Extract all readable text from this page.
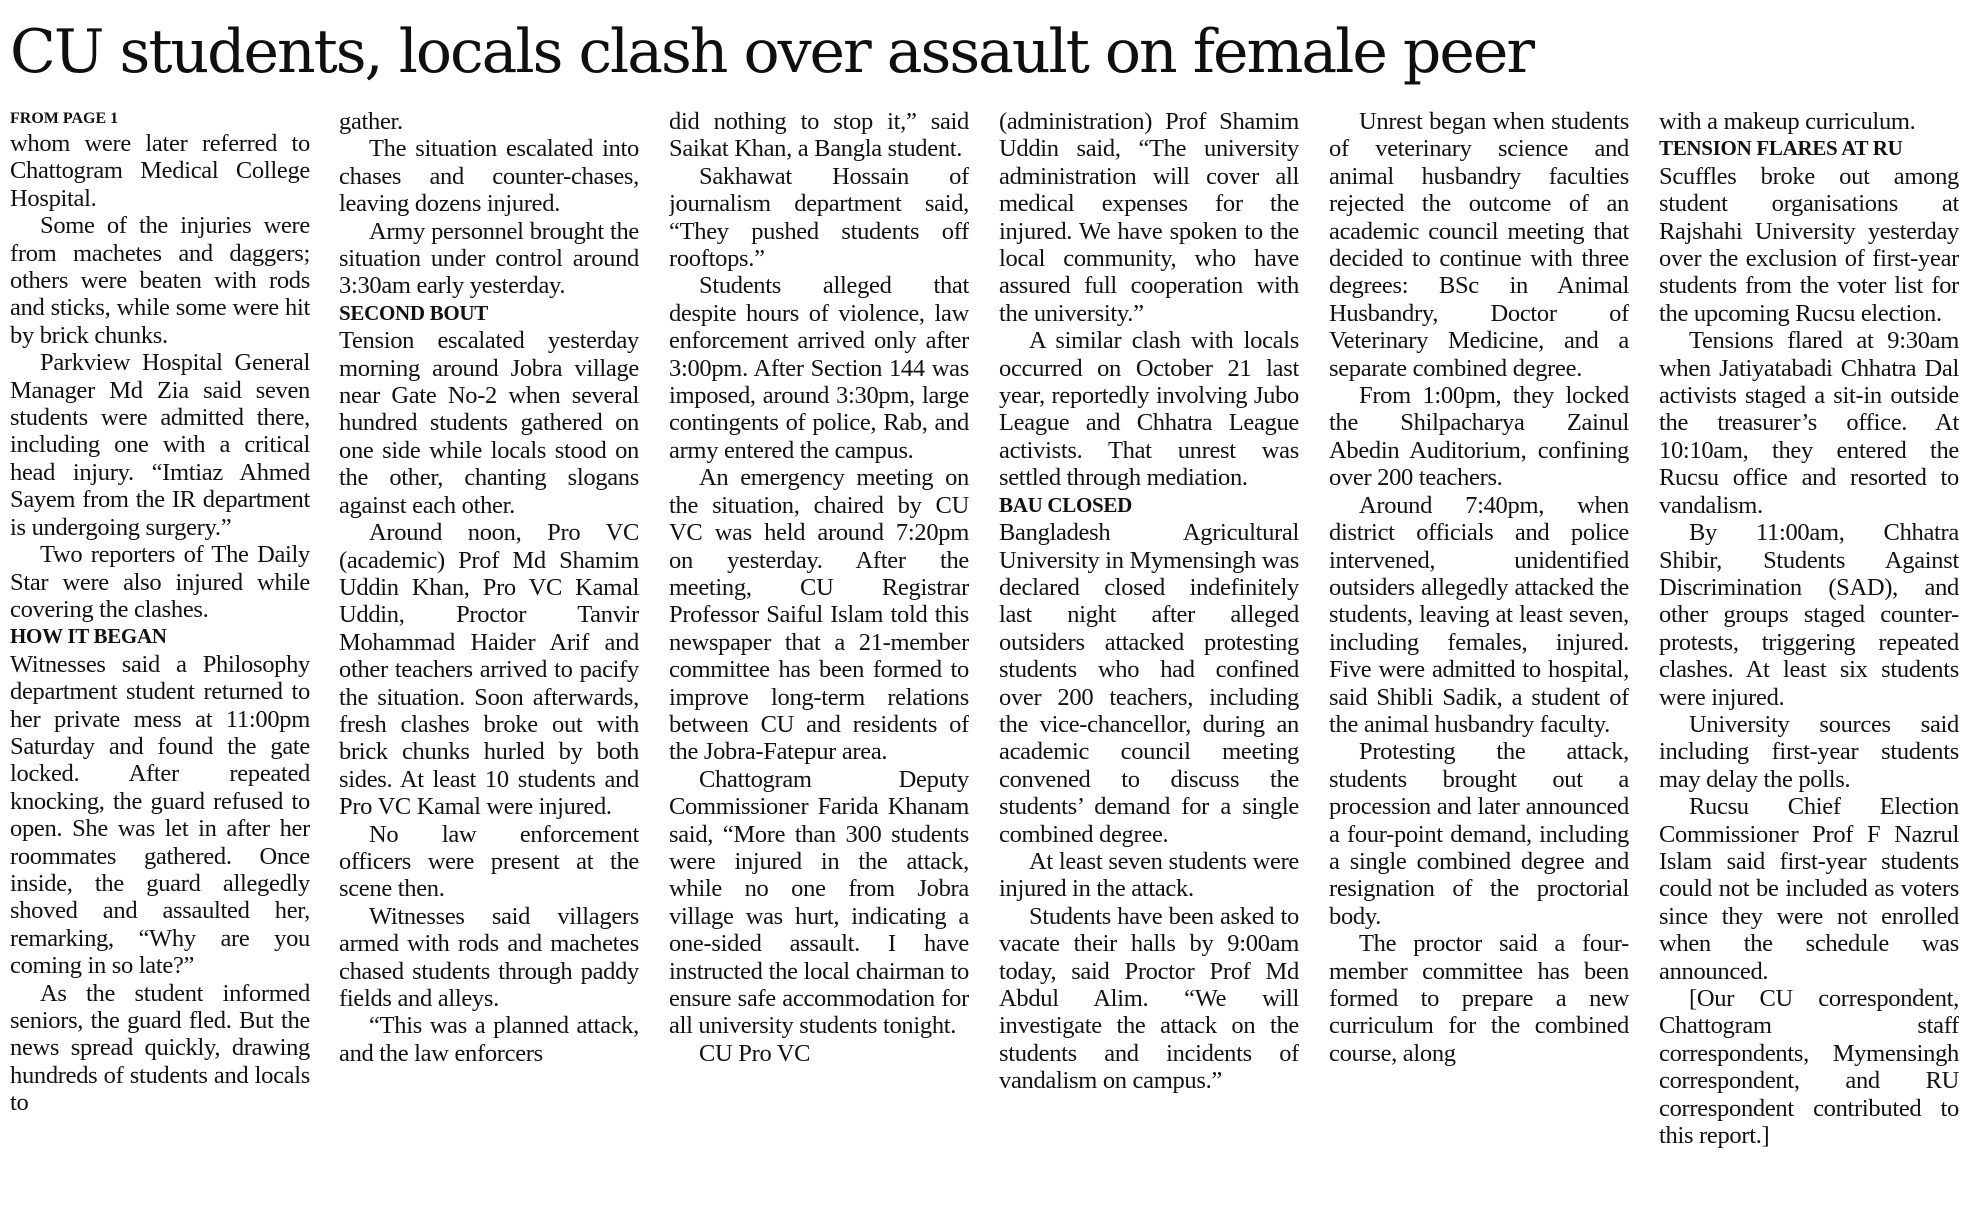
CU students, locals clash over assault on female peer
FROM PAGE 1

whom were later referred to Chattogram Medical College Hospital.

Some of the injuries were from machetes and daggers; others were beaten with rods and sticks, while some were hit by brick chunks.

Parkview Hospital General Manager Md Zia said seven students were admitted there, including one with a critical head injury. “Imtiaz Ahmed Sayem from the IR department is undergoing surgery.”

Two reporters of The Daily Star were also injured while covering the clashes.

HOW IT BEGAN

Witnesses said a Philosophy department student returned to her private mess at 11:00pm Saturday and found the gate locked. After repeated knocking, the guard refused to open. She was let in after her roommates gathered. Once inside, the guard allegedly shoved and assaulted her, remarking, “Why are you coming in so late?”

As the student informed seniors, the guard fled. But the news spread quickly, drawing hundreds of students and locals to

gather.

The situation escalated into chases and counter-chases, leaving dozens injured.

Army personnel brought the situation under control around 3:30am early yesterday.

SECOND BOUT

Tension escalated yesterday morning around Jobra village near Gate No-2 when several hundred students gathered on one side while locals stood on the other, chanting slogans against each other.

Around noon, Pro VC (academic) Prof Md Shamim Uddin Khan, Pro VC Kamal Uddin, Proctor Tanvir Mohammad Haider Arif and other teachers arrived to pacify the situation. Soon afterwards, fresh clashes broke out with brick chunks hurled by both sides. At least 10 students and Pro VC Kamal were injured.

No law enforcement officers were present at the scene then.

Witnesses said villagers armed with rods and machetes chased students through paddy fields and alleys.

“This was a planned attack, and the law enforcers

did nothing to stop it,” said Saikat Khan, a Bangla student.

Sakhawat Hossain of journalism department said, “They pushed students off rooftops.”

Students alleged that despite hours of violence, law enforcement arrived only after 3:00pm. After Section 144 was imposed, around 3:30pm, large contingents of police, Rab, and army entered the campus.

An emergency meeting on the situation, chaired by CU VC was held around 7:20pm on yesterday. After the meeting, CU Registrar Professor Saiful Islam told this newspaper that a 21-member committee has been formed to improve long-term relations between CU and residents of the Jobra-Fatepur area.

Chattogram Deputy Commissioner Farida Khanam said, “More than 300 students were injured in the attack, while no one from Jobra village was hurt, indicating a one-sided assault. I have instructed the local chairman to ensure safe accommodation for all university students tonight.

CU Pro VC

(administration) Prof Shamim Uddin said, “The university administration will cover all medical expenses for the injured. We have spoken to the local community, who have assured full cooperation with the university.”

A similar clash with locals occurred on October 21 last year, reportedly involving Jubo League and Chhatra League activists. That unrest was settled through mediation.

BAU CLOSED

Bangladesh Agricultural University in Mymensingh was declared closed indefinitely last night after alleged outsiders attacked protesting students who had confined over 200 teachers, including the vice-chancellor, during an academic council meeting convened to discuss the students’ demand for a single combined degree.

At least seven students were injured in the attack.

Students have been asked to vacate their halls by 9:00am today, said Proctor Prof Md Abdul Alim. “We will investigate the attack on the students and incidents of vandalism on campus.”

Unrest began when students of veterinary science and animal husbandry faculties rejected the outcome of an academic council meeting that decided to continue with three degrees: BSc in Animal Husbandry, Doctor of Veterinary Medicine, and a separate combined degree.

From 1:00pm, they locked the Shilpacharya Zainul Abedin Auditorium, confining over 200 teachers.

Around 7:40pm, when district officials and police intervened, unidentified outsiders allegedly attacked the students, leaving at least seven, including females, injured. Five were admitted to hospital, said Shibli Sadik, a student of the animal husbandry faculty.

Protesting the attack, students brought out a procession and later announced a four-point demand, including a single combined degree and resignation of the proctorial body.

The proctor said a four-member committee has been formed to prepare a new curriculum for the combined course, along

with a makeup curriculum.

TENSION FLARES AT RU

Scuffles broke out among student organisations at Rajshahi University yesterday over the exclusion of first-year students from the voter list for the upcoming Rucsu election.

Tensions flared at 9:30am when Jatiyatabadi Chhatra Dal activists staged a sit-in outside the treasurer’s office. At 10:10am, they entered the Rucsu office and resorted to vandalism.

By 11:00am, Chhatra Shibir, Students Against Discrimination (SAD), and other groups staged counter-protests, triggering repeated clashes. At least six students were injured.

University sources said including first-year students may delay the polls.

Rucsu Chief Election Commissioner Prof F Nazrul Islam said first-year students could not be included as voters since they were not enrolled when the schedule was announced.

[Our CU correspondent, Chattogram staff correspondents, Mymensingh correspondent, and RU correspondent contributed to this report.]
